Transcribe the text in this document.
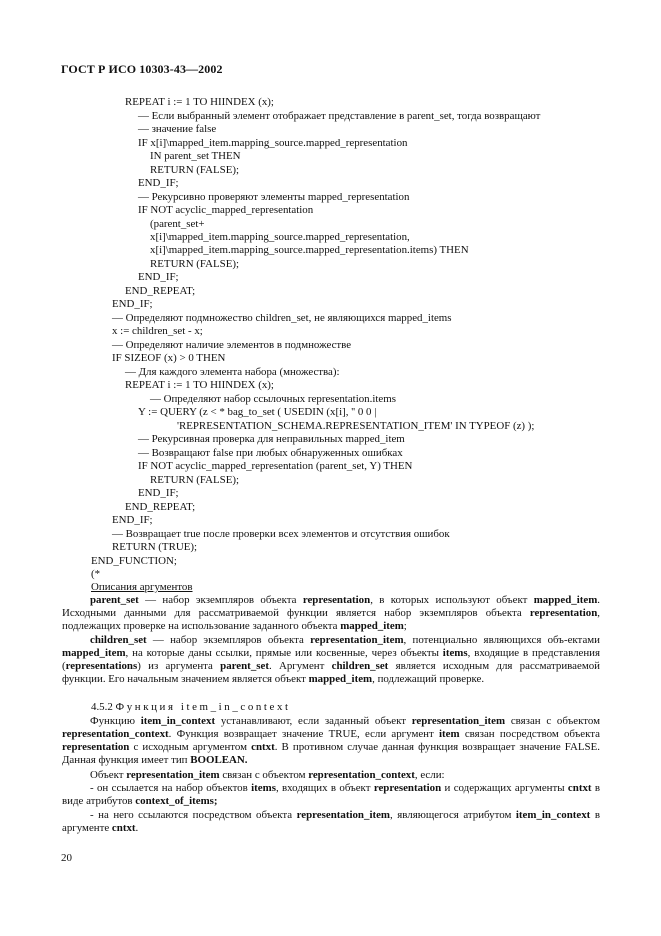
ГОСТ Р ИСО 10303-43—2002
REPEAT i := 1 TO HIINDEX (x);
— Если выбранный элемент отображает представление в parent_set, тогда возвращают
— значение false
IF x[i]\mapped_item.mapping_source.mapped_representation
IN parent_set THEN
RETURN (FALSE);
END_IF;
— Рекурсивно проверяют элементы mapped_representation
IF NOT acyclic_mapped_representation
(parent_set+
x[i]\mapped_item.mapping_source.mapped_representation,
x[i]\mapped_item.mapping_source.mapped_representation.items) THEN
RETURN (FALSE);
END_IF;
END_REPEAT;
END_IF;
— Определяют подмножество children_set, не являющихся mapped_items
x := children_set - x;
— Определяют наличие элементов в подмножестве
IF SIZEOF (x) > 0 THEN
— Для каждого элемента набора (множества):
REPEAT i := 1 TO HIINDEX (x);
— Определяют набор ссылочных representation.items
Y := QUERY (z < * bag_to_set ( USEDIN (x[i], '' 0 0 |
'REPRESENTATION_SCHEMA.REPRESENTATION_ITEM' IN TYPEOF (z) );
— Рекурсивная проверка для неправильных mapped_item
— Возвращают false при любых обнаруженных ошибках
IF NOT acyclic_mapped_representation (parent_set, Y) THEN
RETURN (FALSE);
END_IF;
END_REPEAT;
END_IF;
— Возвращает true после проверки всех элементов и отсутствия ошибок
RETURN (TRUE);
END_FUNCTION;
(*
Описания аргументов
parent_set — набор экземпляров объекта representation, в которых используют объект mapped_item. Исходными данными для рассматриваемой функции является набор экземпляров объекта representation, подлежащих проверке на использование заданного объекта mapped_item;
children_set — набор экземпляров объекта representation_item, потенциально являющихся объ-ектами mapped_item, на которые даны ссылки, прямые или косвенные, через объекты items, входящие в представления (representations) из аргумента parent_set. Аргумент children_set является исходным для рассматриваемой функции. Его начальным значением является объект mapped_item, подлежащий проверке.
4.5.2 Функция item_in_context
Функцию item_in_context устанавливают, если заданный объект representation_item связан с объектом representation_context. Функция возвращает значение TRUE, если аргумент item связан посредством объекта representation с исходным аргументом cntxt. В противном случае данная функция возвращает значение FALSE. Данная функция имеет тип BOOLEAN.
Объект representation_item связан с объектом representation_context, если:
- он ссылается на набор объектов items, входящих в объект representation и содержащих аргументы cntxt в виде атрибутов context_of_items;
- на него ссылаются посредством объекта representation_item, являющегося атрибутом item_in_context в аргументе cntxt.
20
